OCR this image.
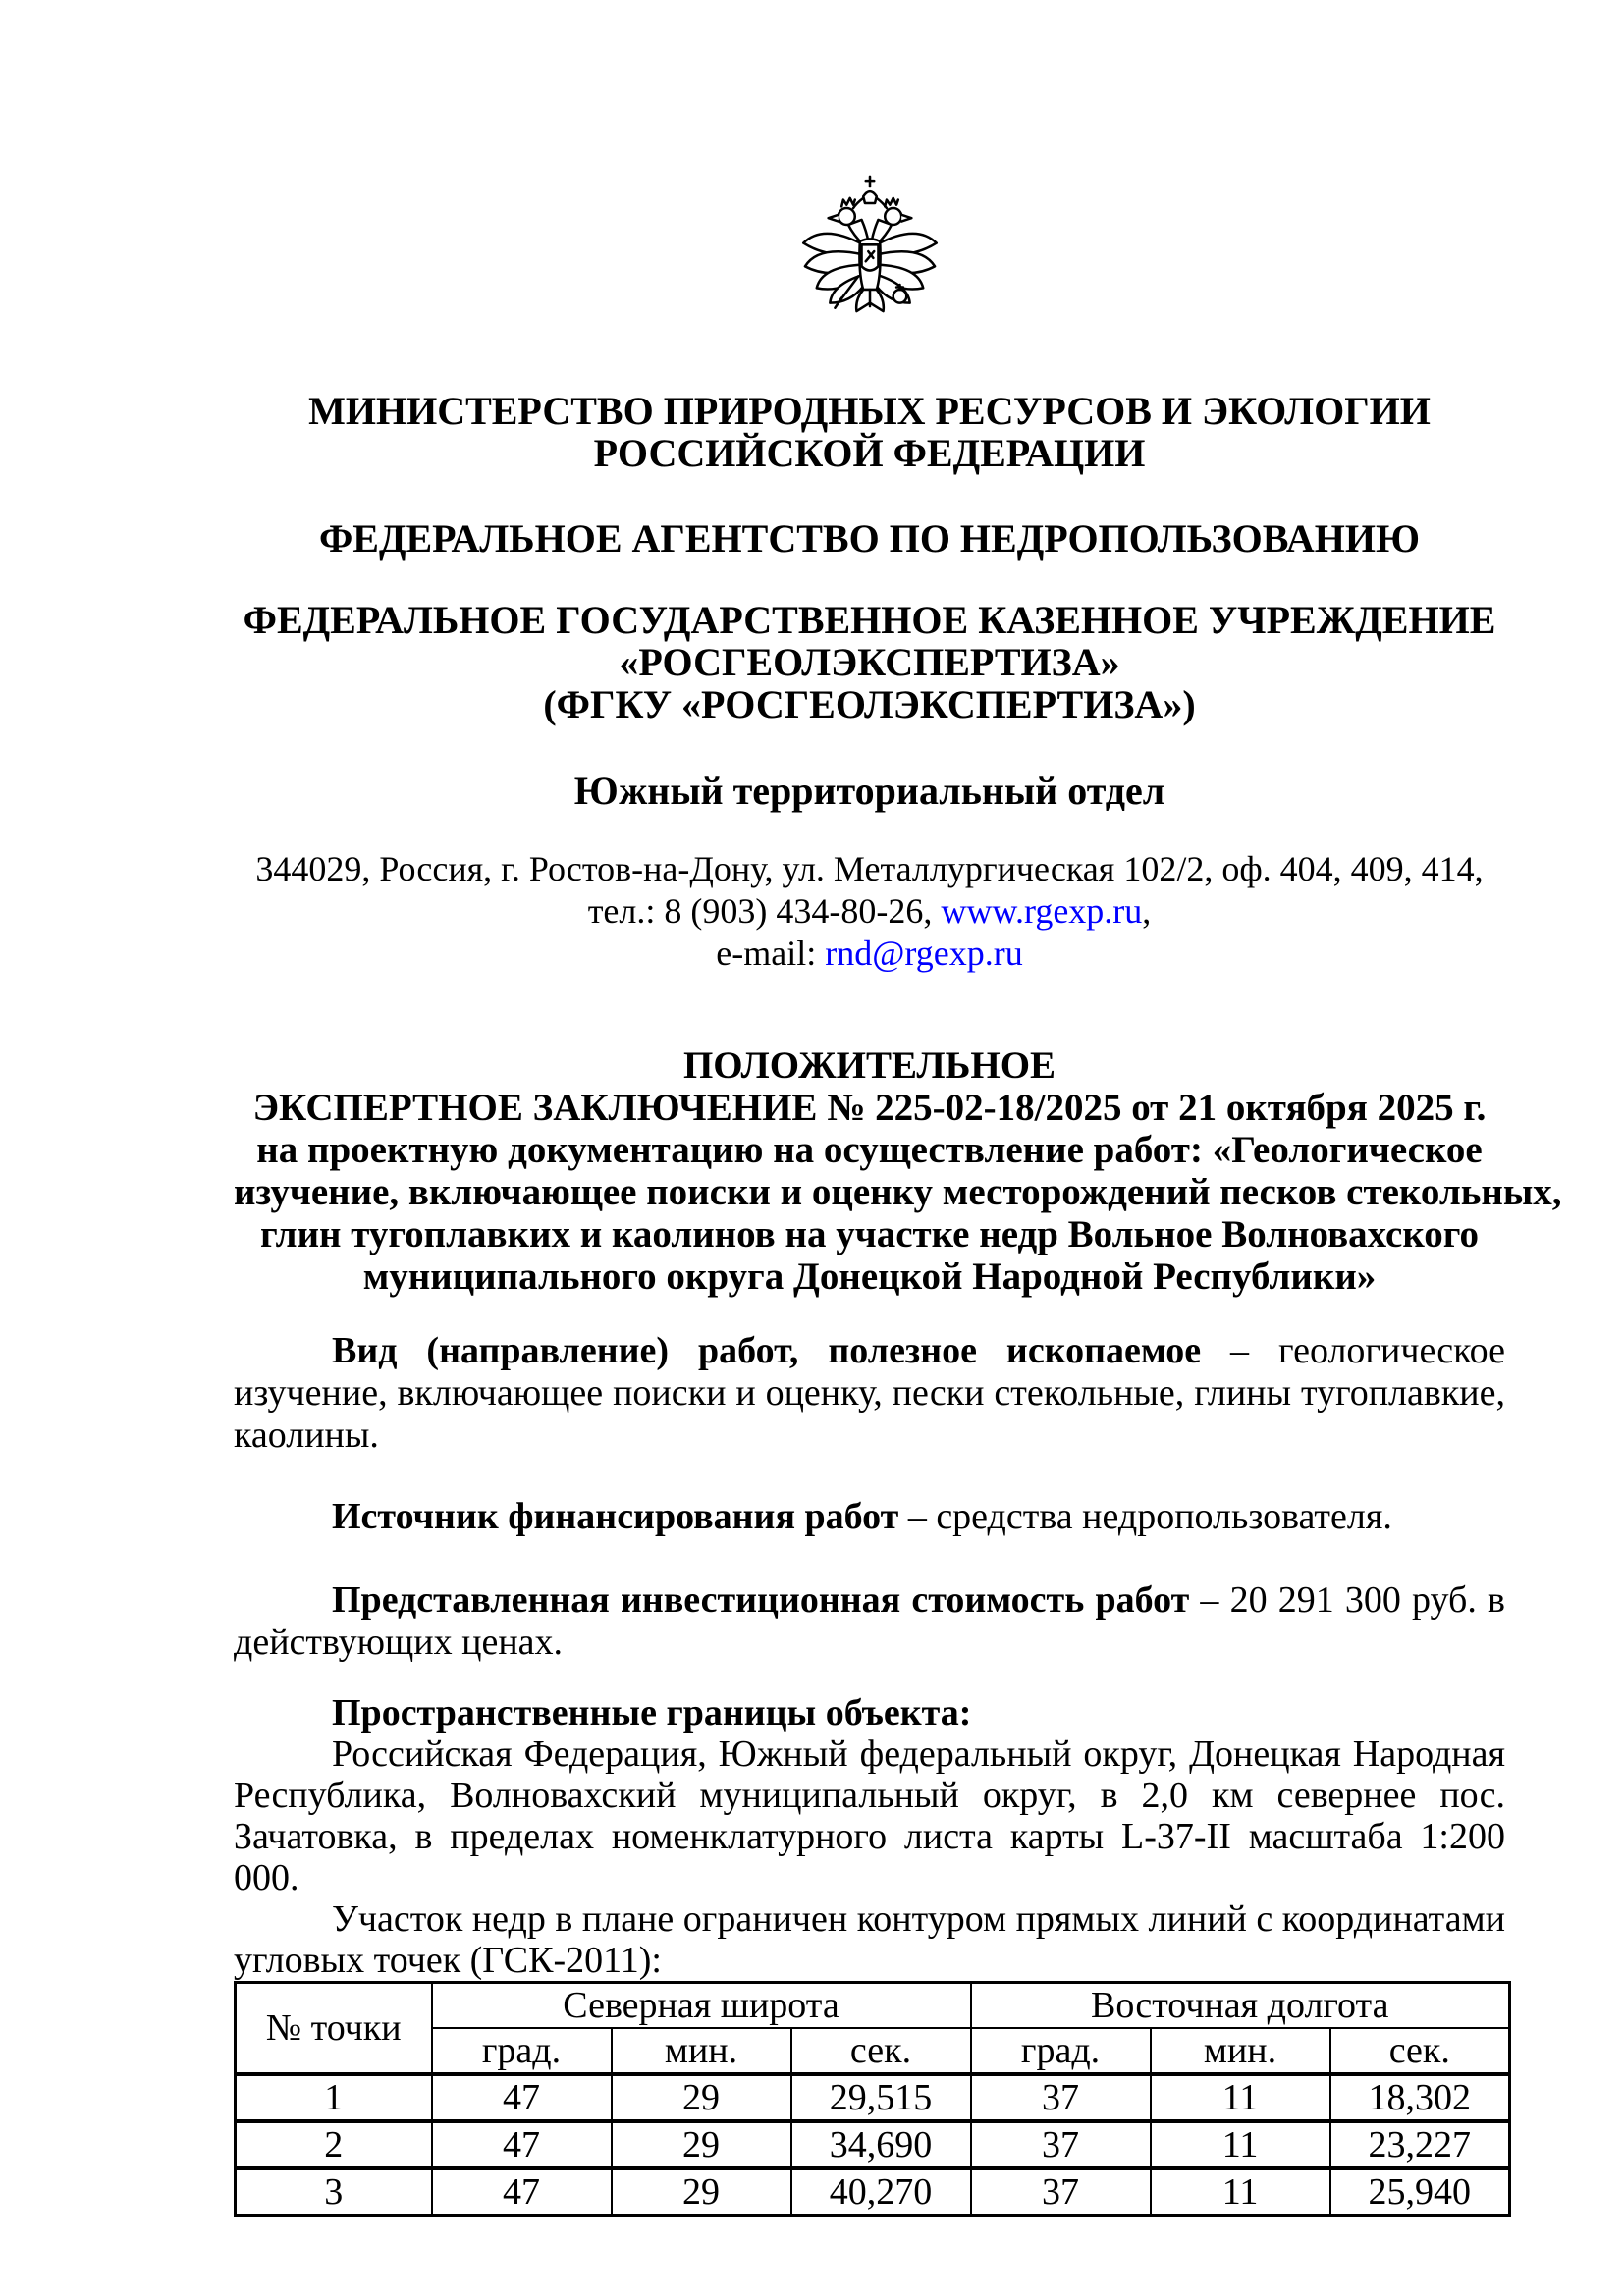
МИНИСТЕРСТВО ПРИРОДНЫХ РЕСУРСОВ И ЭКОЛОГИИ
РОССИЙСКОЙ ФЕДЕРАЦИИ
ФЕДЕРАЛЬНОЕ АГЕНТСТВО ПО НЕДРОПОЛЬЗОВАНИЮ
ФЕДЕРАЛЬНОЕ ГОСУДАРСТВЕННОЕ КАЗЕННОЕ УЧРЕЖДЕНИЕ
«РОСГЕОЛЭКСПЕРТИЗА»
(ФГКУ «РОСГЕОЛЭКСПЕРТИЗА»)
Южный территориальный отдел
344029, Россия, г. Ростов-на-Дону, ул. Металлургическая 102/2, оф. 404, 409, 414,
тел.: 8 (903) 434-80-26, www.rgexp.ru,
e-mail: rnd@rgexp.ru
ПОЛОЖИТЕЛЬНОЕ
ЭКСПЕРТНОЕ ЗАКЛЮЧЕНИЕ № 225-02-18/2025 от 21 октября 2025 г.
на проектную документацию на осуществление работ: «Геологическое
изучение, включающее поиски и оценку месторождений песков стекольных,
глин тугоплавких и каолинов на участке недр Вольное Волновахского
муниципального округа Донецкой Народной Республики»

Вид (направление) работ, полезное ископаемое – геологическое изучение, включающее поиски и оценку, пески стекольные, глины тугоплавкие, каолины.

Источник финансирования работ – средства недропользователя.

Представленная инвестиционная стоимость работ – 20 291 300 руб. в действующих ценах.

Пространственные границы объекта:

Российская Федерация, Южный федеральный округ, Донецкая Народная Республика, Волновахский муниципальный округ, в 2,0 км севернее пос. Зачатовка, в пределах номенклатурного листа карты L-37-II масштаба 1:200 000.

Участок недр в плане ограничен контуром прямых линий с координатами угловых точек (ГСК-2011):

№ точки	Северная широта			Восточная долгота		
	град.	мин.	сек.	град.	мин.	сек.
1	47	29	29,515	37	11	18,302
2	47	29	34,690	37	11	23,227
3	47	29	40,270	37	11	25,940
